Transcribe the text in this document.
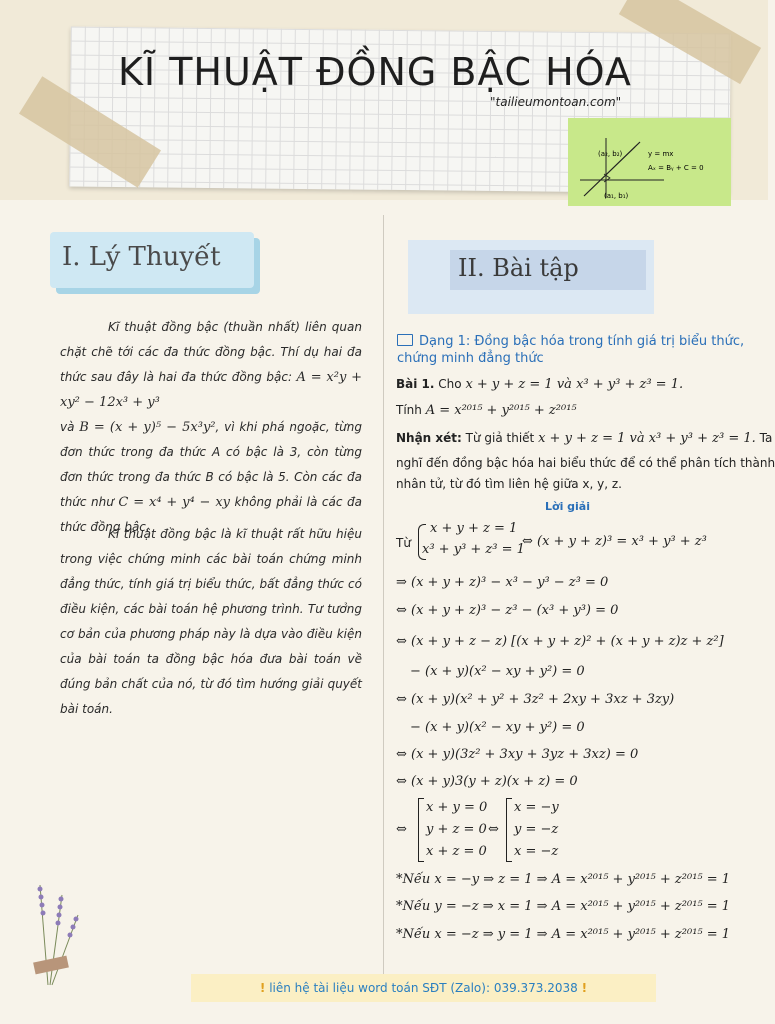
KĨ THUẬT ĐỒNG BẬC HÓA
"tailieumontoan.com"
(a₂, b₂)	y = mx
Aₓ = Bᵧ + C = 0
(a₁, b₁)
I. Lý Thuyết
Kĩ thuật đồng bậc (thuần nhất) liên quan chặt chẽ tới các đa thức đồng bậc. Thí dụ hai đa thức sau đây là hai đa thức đồng bậc: A = x²y + xy² − 12x³ + y³
và B = (x + y)⁵ − 5x³y², vì khi phá ngoặc, từng đơn thức trong đa thức A có bậc là 3, còn từng đơn thức trong đa thức B có bậc là 5. Còn các đa thức như C = x⁴ + y⁴ − xy không phải là các đa thức đồng bậc.
Kĩ thuật đồng bậc là kĩ thuật rất hữu hiệu trong việc chứng minh các bài toán chứng minh đẳng thức, tính giá trị biểu thức, bất đẳng thức có điều kiện, các bài toán hệ phương trình. Tư tưởng cơ bản của phương pháp này là dựa vào điều kiện của bài toán ta đồng bậc hóa đưa bài toán về đúng bản chất của nó, từ đó tìm hướng giải quyết bài toán.
II. Bài tập
Dạng 1: Đồng bậc hóa trong tính giá trị biểu thức, chứng minh đẳng thức
Bài 1. Cho x + y + z = 1 và x³ + y³ + z³ = 1.
Tính A = x²⁰¹⁵ + y²⁰¹⁵ + z²⁰¹⁵
Nhận xét: Từ giả thiết x + y + z = 1 và x³ + y³ + z³ = 1. Ta
nghĩ đến đồng bậc hóa hai biểu thức để có thể phân tích thành
nhân tử, từ đó tìm liên hệ giữa x, y, z.
Lời giải
Từ
x + y + z = 1
x³ + y³ + z³ = 1
⇔ (x + y + z)³ = x³ + y³ + z³
⇒ (x + y + z)³ − x³ − y³ − z³ = 0
⇔ (x + y + z)³ − z³ − (x³ + y³) = 0
⇔ (x + y + z − z) [(x + y + z)² + (x + y + z)z + z²]
− (x + y)(x² − xy + y²) = 0
⇔ (x + y)(x² + y² + 3z² + 2xy + 3xz + 3zy)
− (x + y)(x² − xy + y²) = 0
⇔ (x + y)(3z² + 3xy + 3yz + 3xz) = 0
⇔ (x + y)3(y + z)(x + z) = 0
⇔
x + y = 0
y + z = 0
x + z = 0
⇔
x = −y
y = −z
x = −z
*Nếu x = −y ⇒ z = 1 ⇒ A = x²⁰¹⁵ + y²⁰¹⁵ + z²⁰¹⁵ = 1
*Nếu y = −z ⇒ x = 1 ⇒ A = x²⁰¹⁵ + y²⁰¹⁵ + z²⁰¹⁵ = 1
*Nếu x = −z ⇒ y = 1 ⇒ A = x²⁰¹⁵ + y²⁰¹⁵ + z²⁰¹⁵ = 1
! liên hệ tài liệu word toán SĐT (Zalo): 039.373.2038 !
